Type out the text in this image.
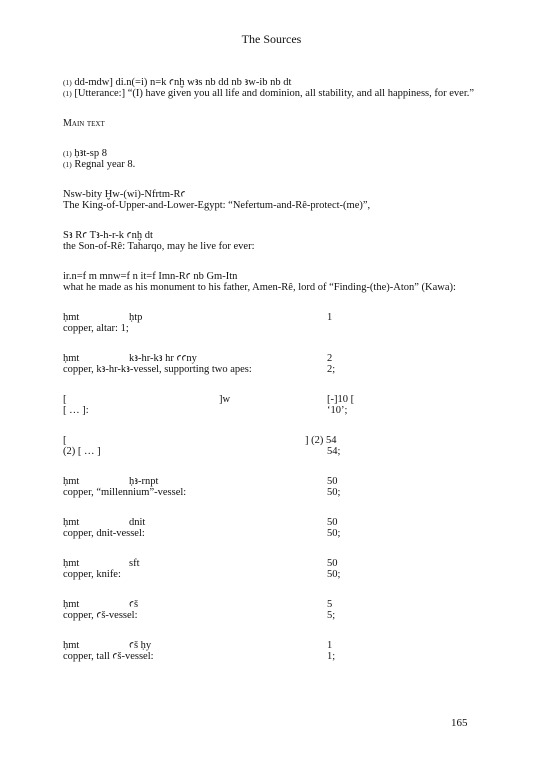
The Sources
(1) dd-mdw] di.n(=i) n=k ꜥnḫ wꜣs nb dd nb ꜣw-ib nb dt
(1) [Utterance:] “(I) have given you all life and dominion, all stability, and all happiness, for ever.”
Main text
(1) ḥꜣt-sp 8
(1) Regnal year 8.
Nsw-bity Ḫw-(wi)-Nfrtm-Rꜥ
The King-of-Upper-and-Lower-Egypt: “Nefertum-and-Rê-protect-(me)”,
Sꜣ Rꜥ Tꜣ-h-r-k ꜥnḫ dt
the Son-of-Rê: Taharqo, may he live for ever:
ir.n=f m mnw=f n it=f Imn-Rꜥ nb Gm-Itn
what he made as his monument to his father, Amen-Rê, lord of “Finding-(the)-Aton” (Kawa):
ḥmt	ḥtp	1
copper, altar: 1;
ḥmt	kꜣ-hr-kꜣ hr ꜥꜥny	2
copper, kꜣ-hr-kꜣ-vessel, supporting two apes:	2;
[	]w	[-]10 [
[ … ]:	‘10’;
[	] (2) 54
(2) [ … ]	54;
ḥmt	ḥꜣ-rnpt	50
copper, “millennium”-vessel:	50;
ḥmt	dnit	50
copper, dnit-vessel:	50;
ḥmt	sft	50
copper, knife:	50;
ḥmt	ꜥš	5
copper, ꜥš-vessel:	5;
ḥmt	ꜥš ḥy	1
copper, tall ꜥš-vessel:	1;
165
